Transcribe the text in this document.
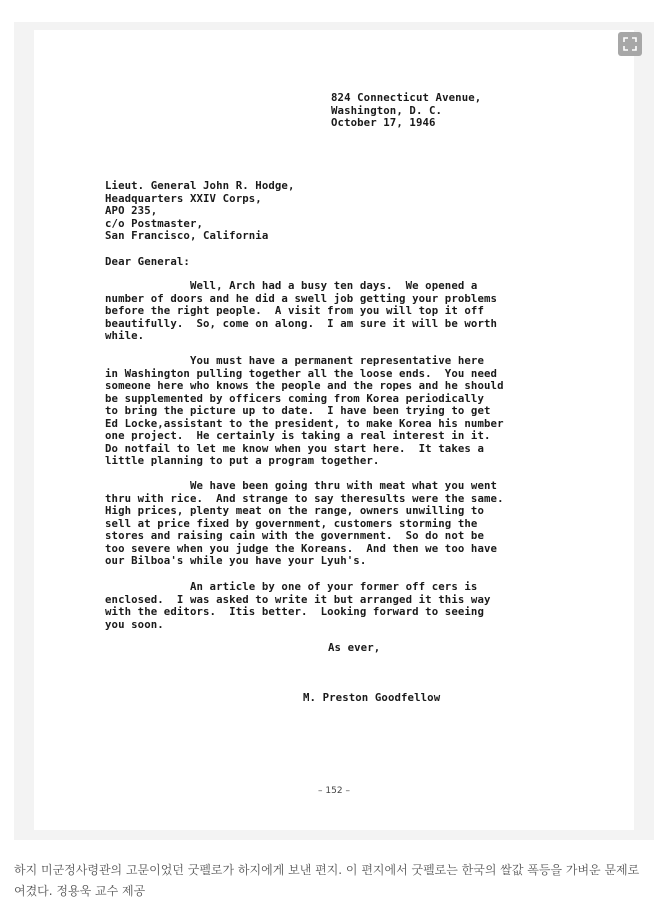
824 Connecticut Avenue,
Washington, D. C.
October 17, 1946
Lieut. General John R. Hodge,
Headquarters XXIV Corps,
APO 235,
c/o Postmaster,
San Francisco, California
Dear General:
Well, Arch had a busy ten days.  We opened a
number of doors and he did a swell job getting your problems
before the right people.  A visit from you will top it off
beautifully.  So, come on along.  I am sure it will be worth
while.
You must have a permanent representative here
in Washington pulling together all the loose ends.  You need
someone here who knows the people and the ropes and he should
be supplemented by officers coming from Korea periodically
to bring the picture up to date.  I have been trying to get
Ed Locke,assistant to the president, to make Korea his number
one project.  He certainly is taking a real interest in it.
Do notfail to let me know when you start here.  It takes a
little planning to put a program together.
We have been going thru with meat what you went
thru with rice.  And strange to say theresults were the same.
High prices, plenty meat on the range, owners unwilling to
sell at price fixed by government, customers storming the
stores and raising cain with the government.  So do not be
too severe when you judge the Koreans.  And then we too have
our Bilboa's while you have your Lyuh's.
An article by one of your former off cers is
enclosed.  I was asked to write it but arranged it this way
with the editors.  Itis better.  Looking forward to seeing
you soon.
As ever,
M. Preston Goodfellow
– 152 –
하지 미군정사령관의 고문이었던 굿펠로가 하지에게 보낸 편지. 이 편지에서 굿펠로는 한국의 쌀값 폭등을 가벼운 문제로 여겼다. 정용욱 교수 제공
